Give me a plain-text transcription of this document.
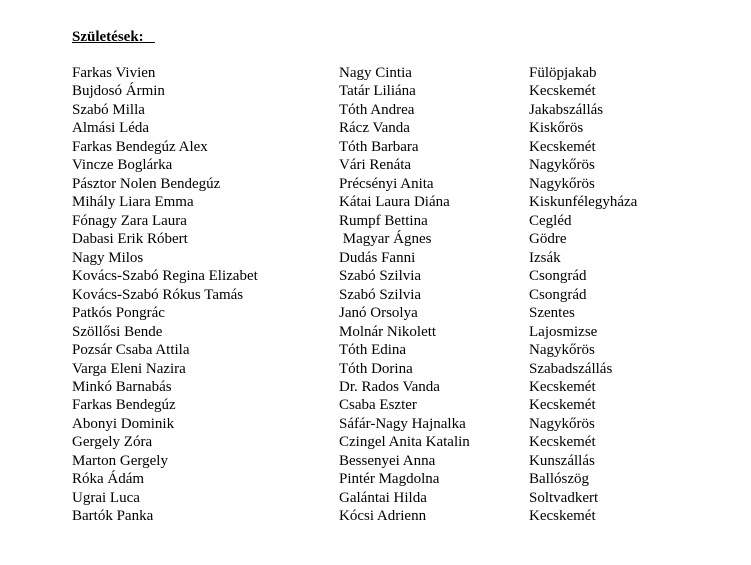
Születések:
Farkas Vivien
Bujdosó Ármin
Szabó Milla
Almási Léda
Farkas Bendegúz Alex
Vincze Boglárka
Pásztor Nolen Bendegúz
Mihály Liara Emma
Fónagy Zara Laura
Dabasi Erik Róbert
Nagy Milos
Kovács-Szabó Regina Elizabet
Kovács-Szabó Rókus Tamás
Patkós Pongrác
Szöllősi Bende
Pozsár Csaba Attila
Varga Eleni Nazira
Minkó Barnabás
Farkas Bendegúz
Abonyi Dominik
Gergely Zóra
Marton Gergely
Róka Ádám
Ugrai Luca
Bartók Panka
Nagy Cintia
Tatár Liliána
Tóth Andrea
Rácz Vanda
Tóth Barbara
Vári Renáta
Précsényi Anita
Kátai Laura Diána
Rumpf Bettina
Magyar Ágnes
Dudás Fanni
Szabó Szilvia
Szabó Szilvia
Janó Orsolya
Molnár Nikolett
Tóth Edina
Tóth Dorina
Dr. Rados Vanda
Csaba Eszter
Sáfár-Nagy Hajnalka
Czingel Anita Katalin
Bessenyei Anna
Pintér Magdolna
Galántai Hilda
Kócsi Adrienn
Fülöpjakab
Kecskemét
Jakabszállás
Kiskőrös
Kecskemét
Nagykőrös
Nagykőrös
Kiskunfélegyháza
Cegléd
Gödre
Izsák
Csongrád
Csongrád
Szentes
Lajosmizse
Nagykőrös
Szabadszállás
Kecskemét
Kecskemét
Nagykőrös
Kecskemét
Kunszállás
Ballószög
Soltvadkert
Kecskemét
